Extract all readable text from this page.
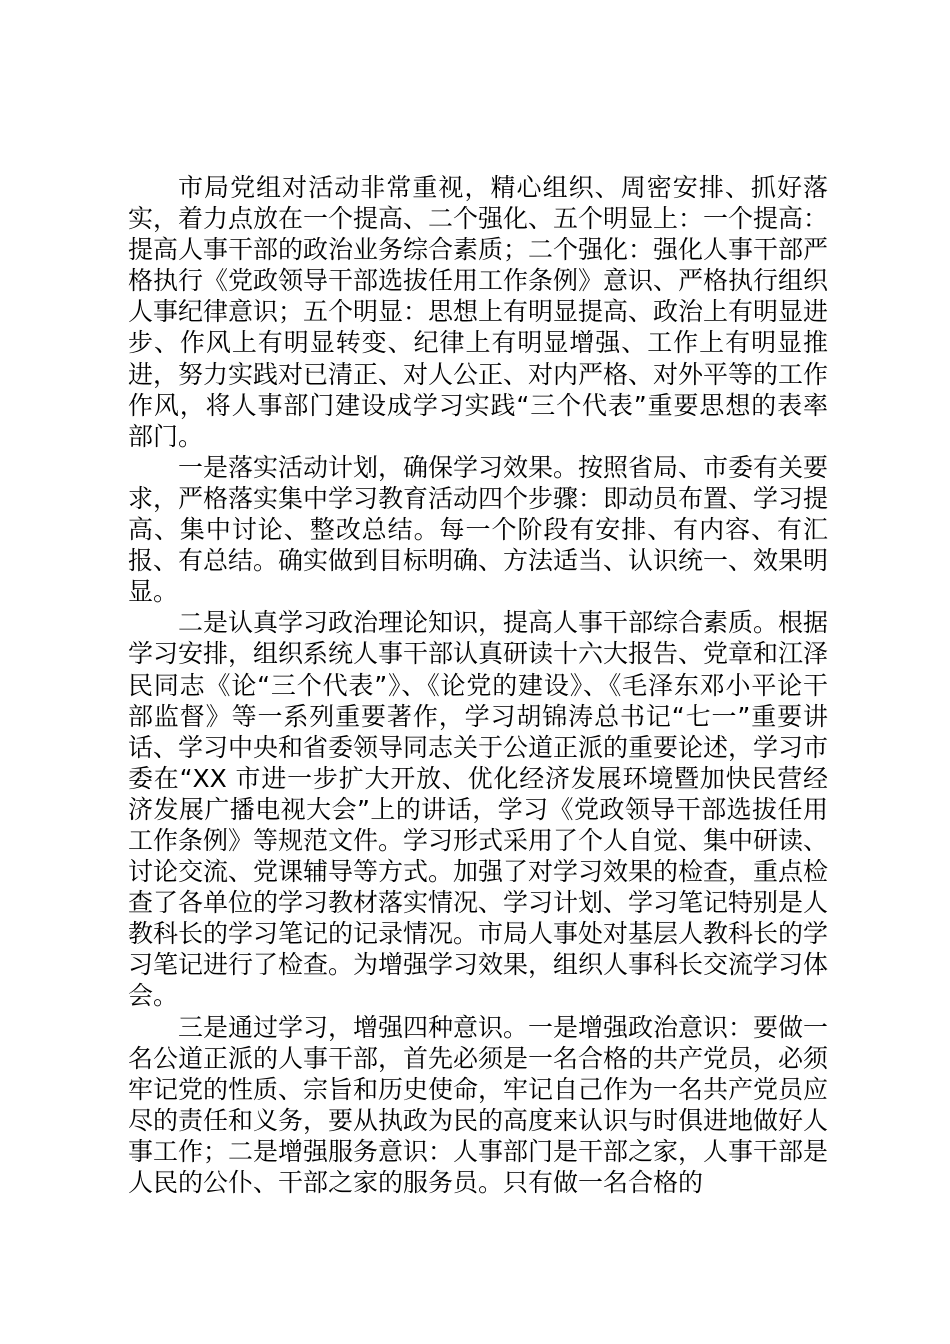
市局党组对活动非常重视，精心组织、周密安排、抓好落实，着力点放在一个提高、二个强化、五个明显上：一个提高：提高人事干部的政治业务综合素质；二个强化：强化人事干部严格执行《党政领导干部选拔任用工作条例》意识、严格执行组织人事纪律意识；五个明显：思想上有明显提高、政治上有明显进步、作风上有明显转变、纪律上有明显增强、工作上有明显推进，努力实践对已清正、对人公正、对内严格、对外平等的工作作风，将人事部门建设成学习实践“三个代表”重要思想的表率部门。

一是落实活动计划，确保学习效果。按照省局、市委有关要求，严格落实集中学习教育活动四个步骤：即动员布置、学习提高、集中讨论、整改总结。每一个阶段有安排、有内容、有汇报、有总结。确实做到目标明确、方法适当、认识统一、效果明显。

二是认真学习政治理论知识，提高人事干部综合素质。根据学习安排，组织系统人事干部认真研读十六大报告、党章和江泽民同志《论“三个代表”》、《论党的建设》、《毛泽东邓小平论干部监督》等一系列重要著作，学习胡锦涛总书记“七一”重要讲话、学习中央和省委领导同志关于公道正派的重要论述，学习市委在“XX 市进一步扩大开放、优化经济发展环境暨加快民营经济发展广播电视大会”上的讲话，学习《党政领导干部选拔任用工作条例》等规范文件。学习形式采用了个人自觉、集中研读、讨论交流、党课辅导等方式。加强了对学习效果的检查，重点检查了各单位的学习教材落实情况、学习计划、学习笔记特别是人教科长的学习笔记的记录情况。市局人事处对基层人教科长的学习笔记进行了检查。为增强学习效果，组织人事科长交流学习体会。

三是通过学习，增强四种意识。一是增强政治意识：要做一名公道正派的人事干部，首先必须是一名合格的共产党员，必须牢记党的性质、宗旨和历史使命，牢记自己作为一名共产党员应尽的责任和义务，要从执政为民的高度来认识与时俱进地做好人事工作；二是增强服务意识：人事部门是干部之家，人事干部是人民的公仆、干部之家的服务员。只有做一名合格的
